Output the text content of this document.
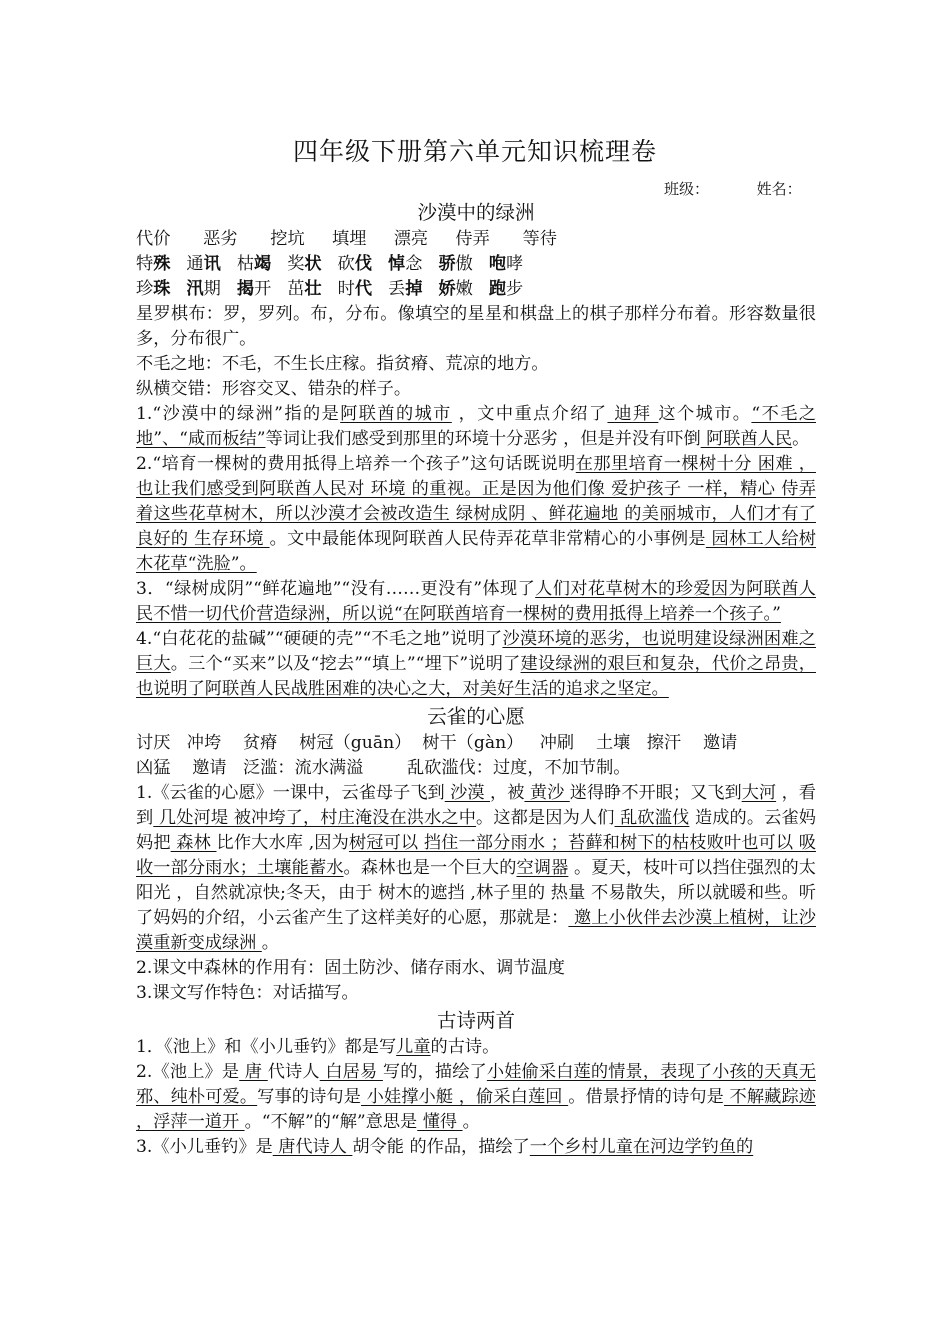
四年级下册第六单元知识梳理卷
班级：          姓名：
沙漠中的绿洲
代价      恶劣      挖坑     填埋     漂亮     侍弄      等待
特殊 通讯 枯竭 奖状 砍伐 悼念 骄傲 咆哮
珍珠 汛期 揭开 茁壮 时代 丢掉 娇嫩 跑步
星罗棋布：罗，罗列。布，分布。像填空的星星和棋盘上的棋子那样分布着。形容数量很多，分布很广。
不毛之地：不毛，不生长庄稼。指贫瘠、荒凉的地方。
纵横交错：形容交叉、错杂的样子。
1.“沙漠中的绿洲”指的是阿联酋的城市 ，文中重点介绍了 迪拜 这个城市。“不毛之地”、“咸而板结”等词让我们感受到那里的环境十分恶劣 ，但是并没有吓倒 阿联酋人民。
2.“培育一棵树的费用抵得上培养一个孩子”这句话既说明在那里培育一棵树十分 困难 ，也让我们感受到阿联酋人民对 环境 的重视。正是因为他们像 爱护孩子 一样，精心 侍弄 着这些花草树木，所以沙漠才会被改造生 绿树成阴 、鲜花遍地 的美丽城市，人们才有了良好的 生存环境 。文中最能体现阿联酋人民侍弄花草非常精心的小事例是 园林工人给树木花草“洗脸”。
3．“绿树成阴”“鲜花遍地”“没有……更没有”体现了人们对花草树木的珍爱因为阿联酋人民不惜一切代价营造绿洲，所以说“在阿联酋培育一棵树的费用抵得上培养一个孩子。”
4.“白花花的盐碱”“硬硬的壳”“不毛之地”说明了沙漠环境的恶劣，也说明建设绿洲困难之巨大。三个“买来”以及“挖去”“填上”“埋下”说明了建设绿洲的艰巨和复杂，代价之昂贵，也说明了阿联酋人民战胜困难的决心之大，对美好生活的追求之坚定。
云雀的心愿
讨厌   冲垮    贫瘠    树冠（guān）  树干（gàn）   冲刷    土壤   擦汗    邀请
凶猛    邀请   泛滥：流水满溢        乱砍滥伐：过度，不加节制。
1.《云雀的心愿》一课中，云雀母子飞到 沙漠 ，被 黄沙 迷得睁不开眼；又飞到大河 ，看到 几处河堤 被冲垮了，村庄淹没在洪水之中。这都是因为人们 乱砍滥伐 造成的。云雀妈妈把 森林 比作大水库 ,因为树冠可以 挡住一部分雨水 ；苔藓和树下的枯枝败叶也可以 吸收一部分雨水；土壤能蓄水。森林也是一个巨大的空调器 。夏天，枝叶可以挡住强烈的太阳光 ，自然就凉快;冬天，由于 树木的遮挡 ,林子里的 热量 不易散失，所以就暖和些。听了妈妈的介绍，小云雀产生了这样美好的心愿，那就是： 邀上小伙伴去沙漠上植树，让沙漠重新变成绿洲 。
2.课文中森林的作用有：固土防沙、储存雨水、调节温度
3.课文写作特色：对话描写。
古诗两首
1．《池上》和《小儿垂钓》都是写儿童的古诗。
2.《池上》是 唐 代诗人 白居易 写的，描绘了小娃偷采白莲的情景，表现了小孩的天真无邪、纯朴可爱。写事的诗句是 小娃撑小艇 ，偷采白莲回 。借景抒情的诗句是 不解藏踪迹 ，浮萍一道开 。“不解”的“解”意思是 懂得 。
3.《小儿垂钓》是 唐代诗人 胡令能 的作品，描绘了一个乡村儿童在河边学钓鱼的
